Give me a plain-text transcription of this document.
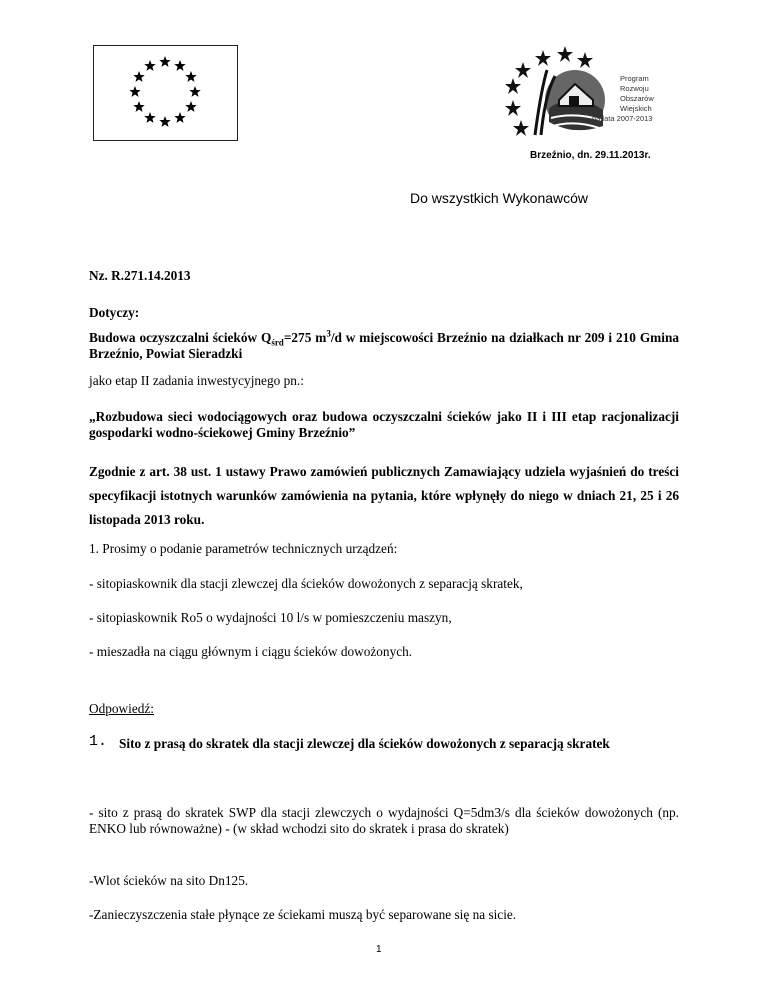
Program
Rozwoju
Obszarów
Wiejskich
na lata 2007-2013
Brzeźnio, dn. 29.11.2013r.
Do wszystkich Wykonawców
Nz. R.271.14.2013
Dotyczy:
Budowa oczyszczalni ścieków $Q_{śrd}=275$ $m^3/d$ w miejscowości Brzeźnio na działkach nr 209 i 210 Gmina Brzeźnio, Powiat Sieradzki
jako etap II zadania inwestycyjnego pn.:
„Rozbudowa sieci wodociągowych oraz budowa oczyszczalni ścieków jako II i III etap racjonalizacji gospodarki wodno-ściekowej Gminy Brzeźnio”
Zgodnie z art. 38 ust. 1 ustawy Prawo zamówień publicznych Zamawiający udziela wyjaśnień do treści specyfikacji istotnych warunków zamówienia na pytania, które wpłynęły do niego w dniach 21, 25 i 26 listopada 2013 roku.
1. Prosimy o podanie parametrów technicznych urządzeń:
- sitopiaskownik dla stacji zlewczej dla ścieków dowożonych z separacją skratek,
- sitopiaskownik Ro5 o wydajności 10 l/s w pomieszczeniu maszyn,
- mieszadła na ciągu głównym i ciągu ścieków dowożonych.
Odpowiedź:
1. Sito z prasą do skratek dla stacji zlewczej dla ścieków dowożonych z separacją skratek
- sito z prasą do skratek SWP dla stacji zlewczych o wydajności Q=5dm3/s dla ścieków dowożonych (np. ENKO lub równoważne) - (w skład wchodzi sito do skratek i prasa do skratek)
-Wlot ścieków na sito Dn125.
-Zanieczyszczenia stałe płynące ze ściekami muszą być separowane się na sicie.
1
